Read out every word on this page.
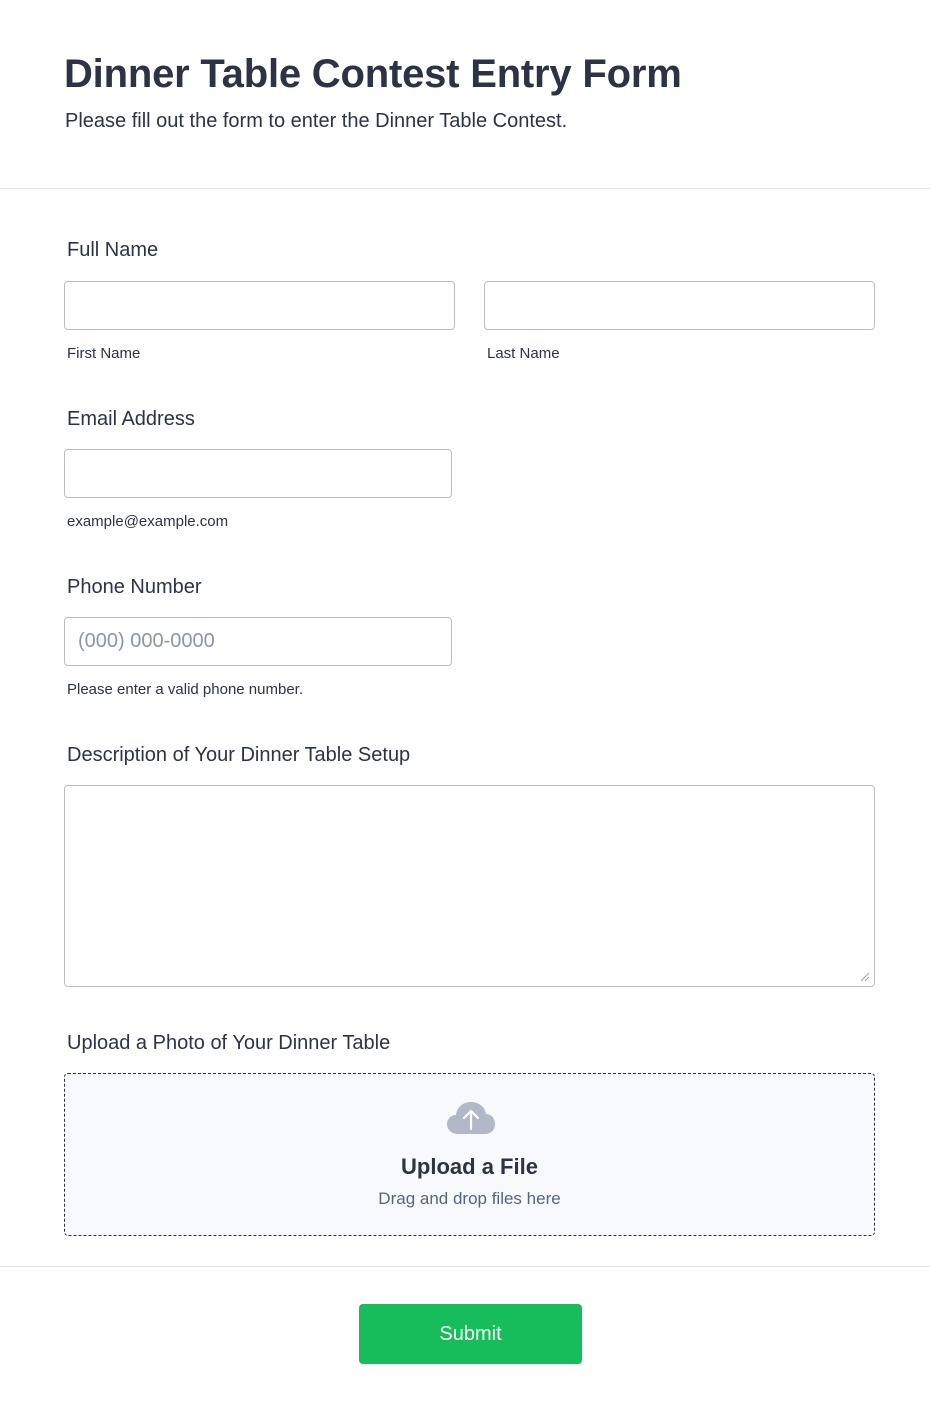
Dinner Table Contest Entry Form

Please fill out the form to enter the Dinner Table Contest.

Full Name
First Name	Last Name
Email Address
example@example.com
Phone Number
(000) 000-0000
Please enter a valid phone number.
Description of Your Dinner Table Setup
Upload a Photo of Your Dinner Table
Upload a File
Drag and drop files here
Submit
